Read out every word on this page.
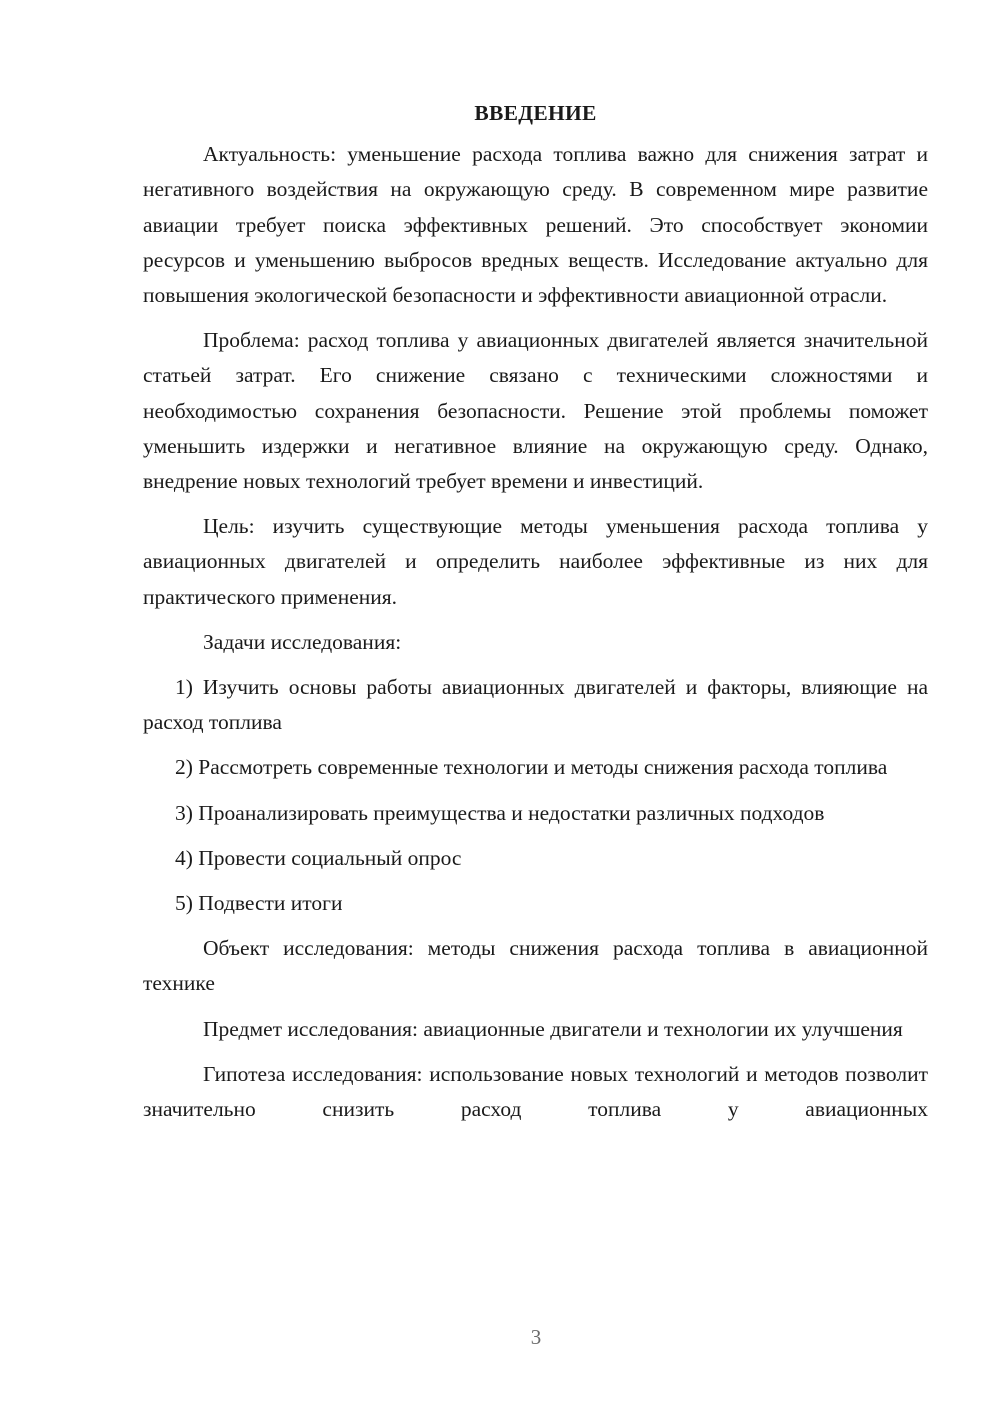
ВВЕДЕНИЕ

Актуальность: уменьшение расхода топлива важно для снижения затрат и негативного воздействия на окружающую среду. В современном мире развитие авиации требует поиска эффективных решений. Это способствует экономии ресурсов и уменьшению выбросов вредных веществ. Исследование актуально для повышения экологической безопасности и эффективности авиационной отрасли.

Проблема: расход топлива у авиационных двигателей является значительной статьей затрат. Его снижение связано с техническими сложностями и необходимостью сохранения безопасности. Решение этой проблемы поможет уменьшить издержки и негативное влияние на окружающую среду. Однако, внедрение новых технологий требует времени и инвестиций.

Цель: изучить существующие методы уменьшения расхода топлива у авиационных двигателей и определить наиболее эффективные из них для практического применения.

Задачи исследования:

1) Изучить основы работы авиационных двигателей и факторы, влияющие на расход топлива

2) Рассмотреть современные технологии и методы снижения расхода топлива

3) Проанализировать преимущества и недостатки различных подходов

4) Провести социальный опрос

5) Подвести итоги

Объект исследования: методы снижения расхода топлива в авиационной технике

Предмет исследования: авиационные двигатели и технологии их улучшения

Гипотеза исследования: использование новых технологий и методов позволит значительно снизить расход топлива у авиационных

3
